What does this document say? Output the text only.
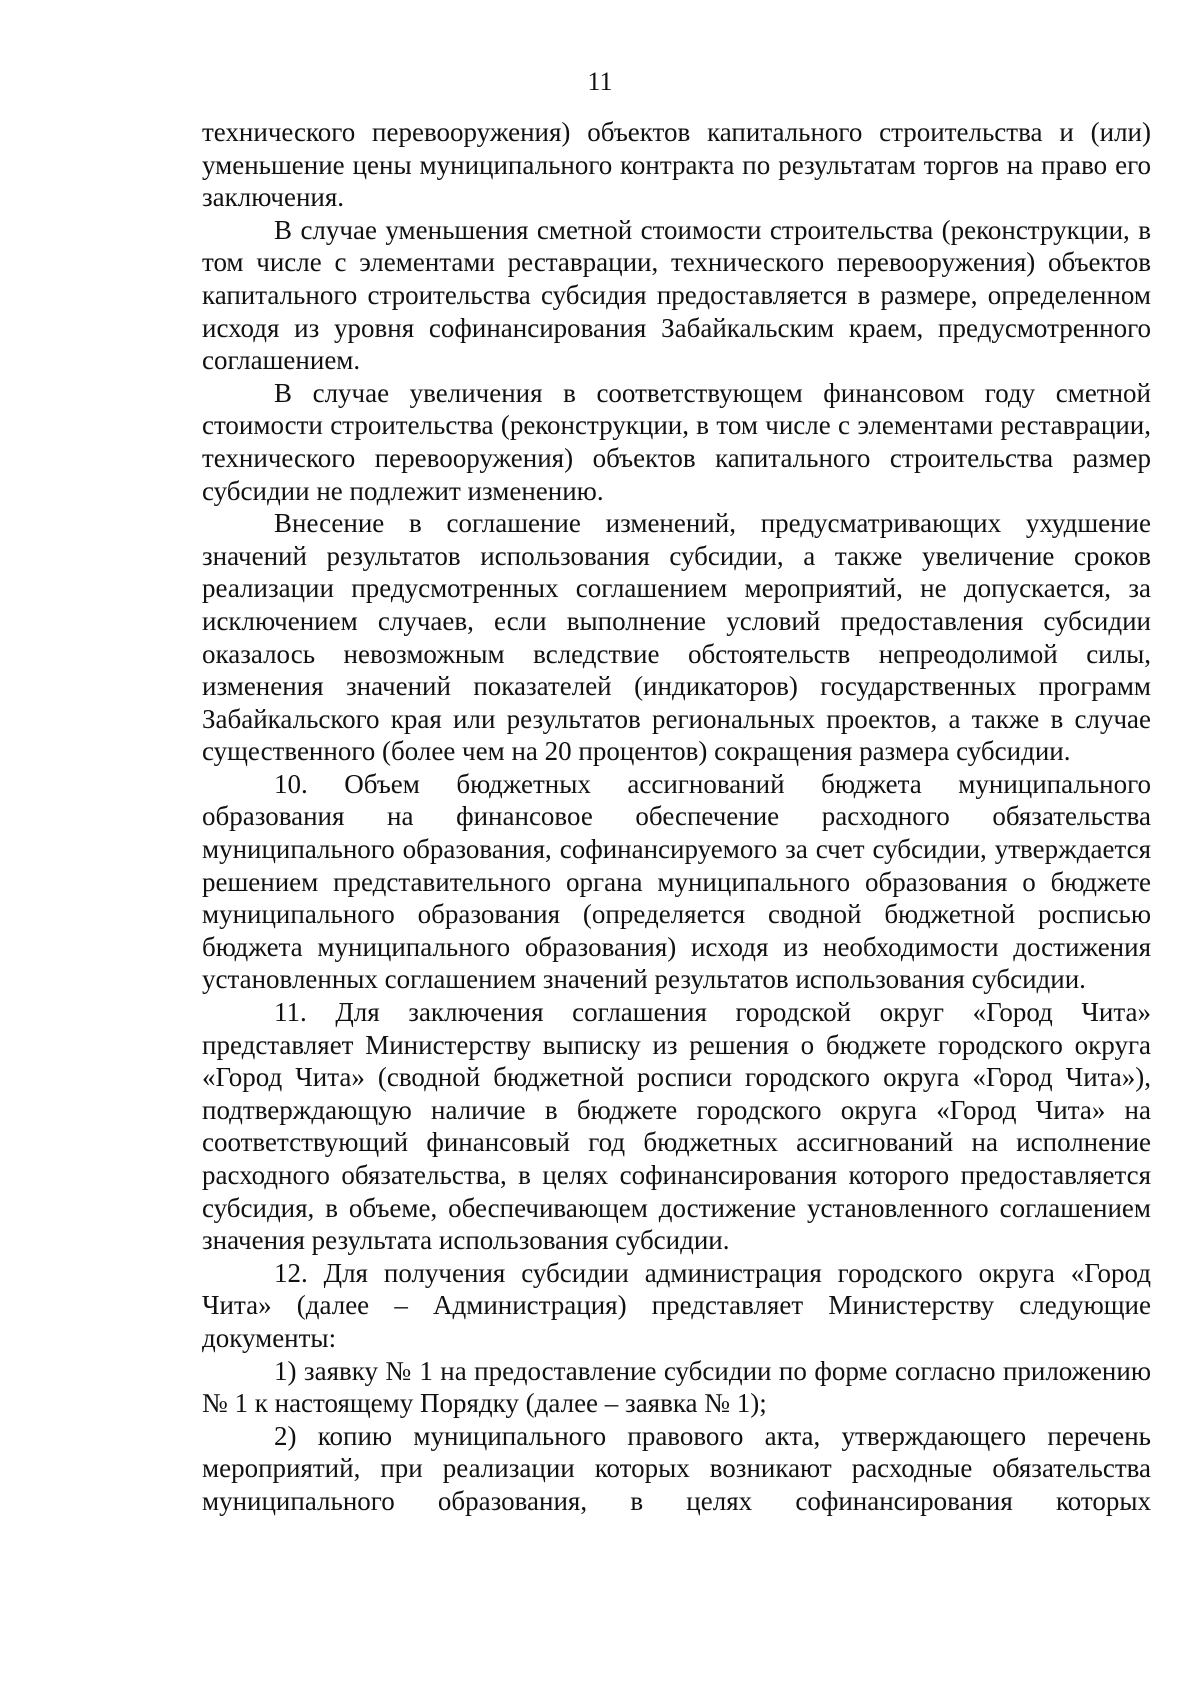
11

технического перевооружения) объектов капитального строительства и (или) уменьшение цены муниципального контракта по результатам торгов на право его заключения.

В случае уменьшения сметной стоимости строительства (реконструкции, в том числе с элементами реставрации, технического перевооружения) объектов капитального строительства субсидия предоставляется в размере, определенном исходя из уровня софинансирования Забайкальским краем, предусмотренного соглашением.

В случае увеличения в соответствующем финансовом году сметной стоимости строительства (реконструкции, в том числе с элементами реставрации, технического перевооружения) объектов капитального строительства размер субсидии не подлежит изменению.

Внесение в соглашение изменений, предусматривающих ухудшение значений результатов использования субсидии, а также увеличение сроков реализации предусмотренных соглашением мероприятий, не допускается, за исключением случаев, если выполнение условий предоставления субсидии оказалось невозможным вследствие обстоятельств непреодолимой силы, изменения значений показателей (индикаторов) государственных программ Забайкальского края или результатов региональных проектов, а также в случае существенного (более чем на 20 процентов) сокращения размера субсидии.

10. Объем бюджетных ассигнований бюджета муниципального образования на финансовое обеспечение расходного обязательства муниципального образования, софинансируемого за счет субсидии, утверждается решением представительного органа муниципального образования о бюджете муниципального образования (определяется сводной бюджетной росписью бюджета муниципального образования) исходя из необходимости достижения установленных соглашением значений результатов использования субсидии.

11. Для заключения соглашения городской округ «Город Чита» представляет Министерству выписку из решения о бюджете городского округа «Город Чита» (сводной бюджетной росписи городского округа «Город Чита»), подтверждающую наличие в бюджете городского округа «Город Чита» на соответствующий финансовый год бюджетных ассигнований на исполнение расходного обязательства, в целях софинансирования которого предоставляется субсидия, в объеме, обеспечивающем достижение установленного соглашением значения результата использования субсидии.

12. Для получения субсидии администрация городского округа «Город Чита» (далее – Администрация) представляет Министерству следующие документы:

1) заявку № 1 на предоставление субсидии по форме согласно приложению № 1 к настоящему Порядку (далее – заявка № 1);

2) копию муниципального правового акта, утверждающего перечень мероприятий, при реализации которых возникают расходные обязательства муниципального образования, в целях софинансирования которых
